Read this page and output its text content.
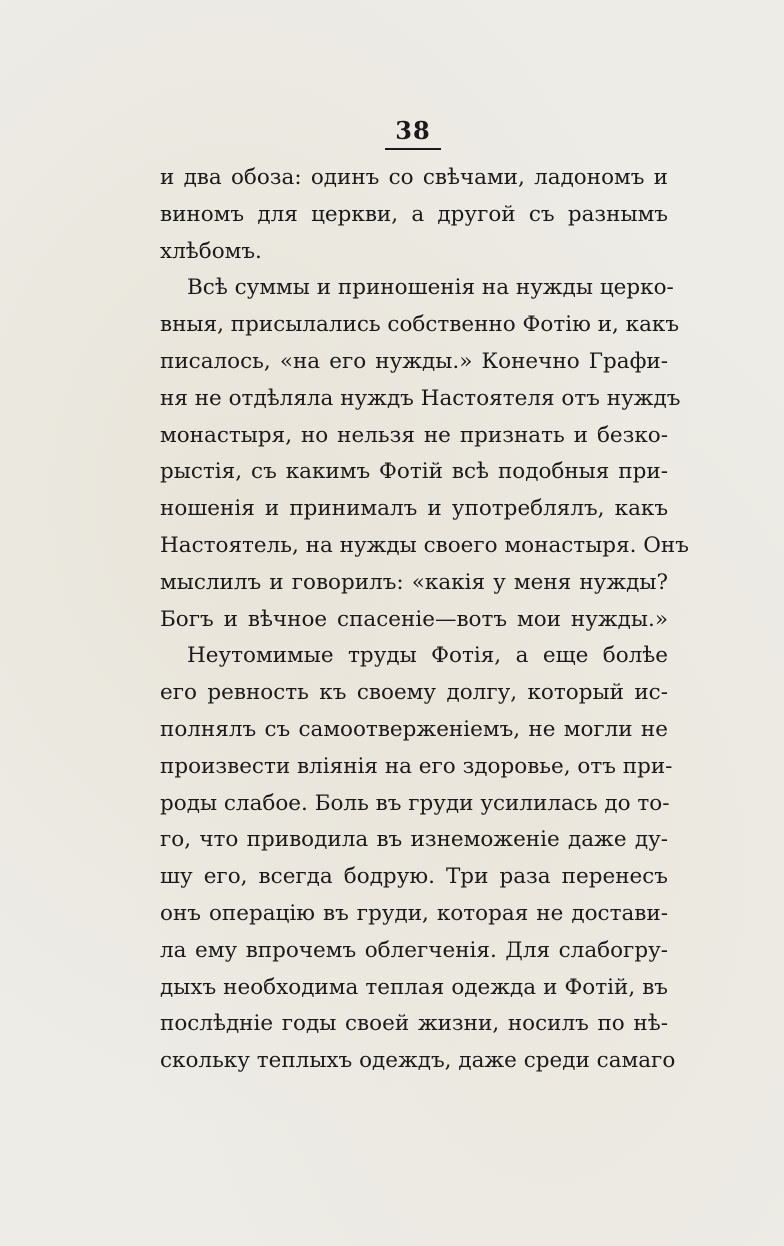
38
и два обоза: одинъ со свѣчами, ладономъ и
виномъ для церкви, а другой съ разнымъ
хлѣбомъ.
Всѣ суммы и приношенія на нужды церко-
вныя, присылались собственно Фотію и, какъ
писалось, «на его нужды.» Конечно Графи-
ня не отдѣляла нуждъ Настоятеля отъ нуждъ
монастыря, но нельзя не признать и безко-
рыстія, съ какимъ Фотій всѣ подобныя при-
ношенія и принималъ и употреблялъ, какъ
Настоятель, на нужды своего монастыря. Онъ
мыслилъ и говорилъ: «какія у меня нужды?
Богъ и вѣчное спасеніе—вотъ мои нужды.»
Неутомимые труды Фотія, а еще болѣе
его ревность къ своему долгу, который ис-
полнялъ съ самоотверженіемъ, не могли не
произвести вліянія на его здоровье, отъ при-
роды слабое. Боль въ груди усилилась до то-
го, что приводила въ изнеможеніе даже ду-
шу его, всегда бодрую. Три раза перенесъ
онъ операцію въ груди, которая не достави-
ла ему впрочемъ облегченія. Для слабогру-
дыхъ необходима теплая одежда и Фотій, въ
послѣдніе годы своей жизни, носилъ по нѣ-
скольку теплыхъ одеждъ, даже среди самаго
